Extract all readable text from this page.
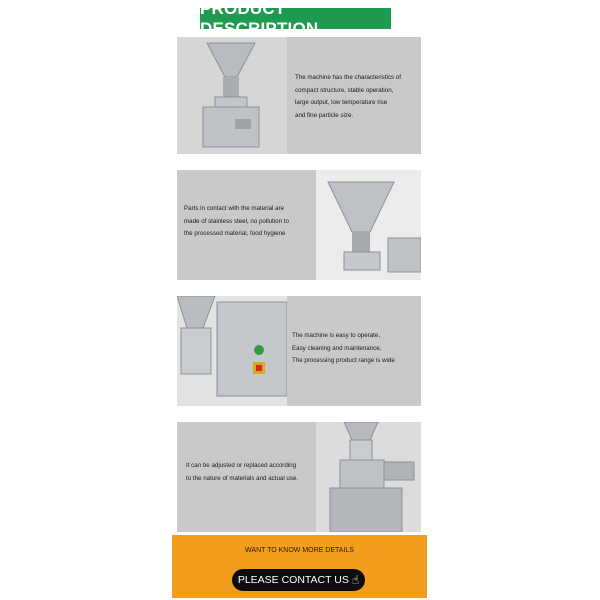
PRODUCT DESCRIPTION
The machine has the characteristics of
compact structure, stable operation,
large output, low temperature rise
and fine particle size.
Parts in contact with the material are
made of stainless steel, no pollution to
the processed material, food hygiene
The machine is easy to operate,
Easy cleaning and maintenance,
The processing product range is wide
It can be adjusted or replaced according
to the nature of materials and actual use.
WANT TO KNOW MORE DETAILS
PLEASE CONTACT US ☝
